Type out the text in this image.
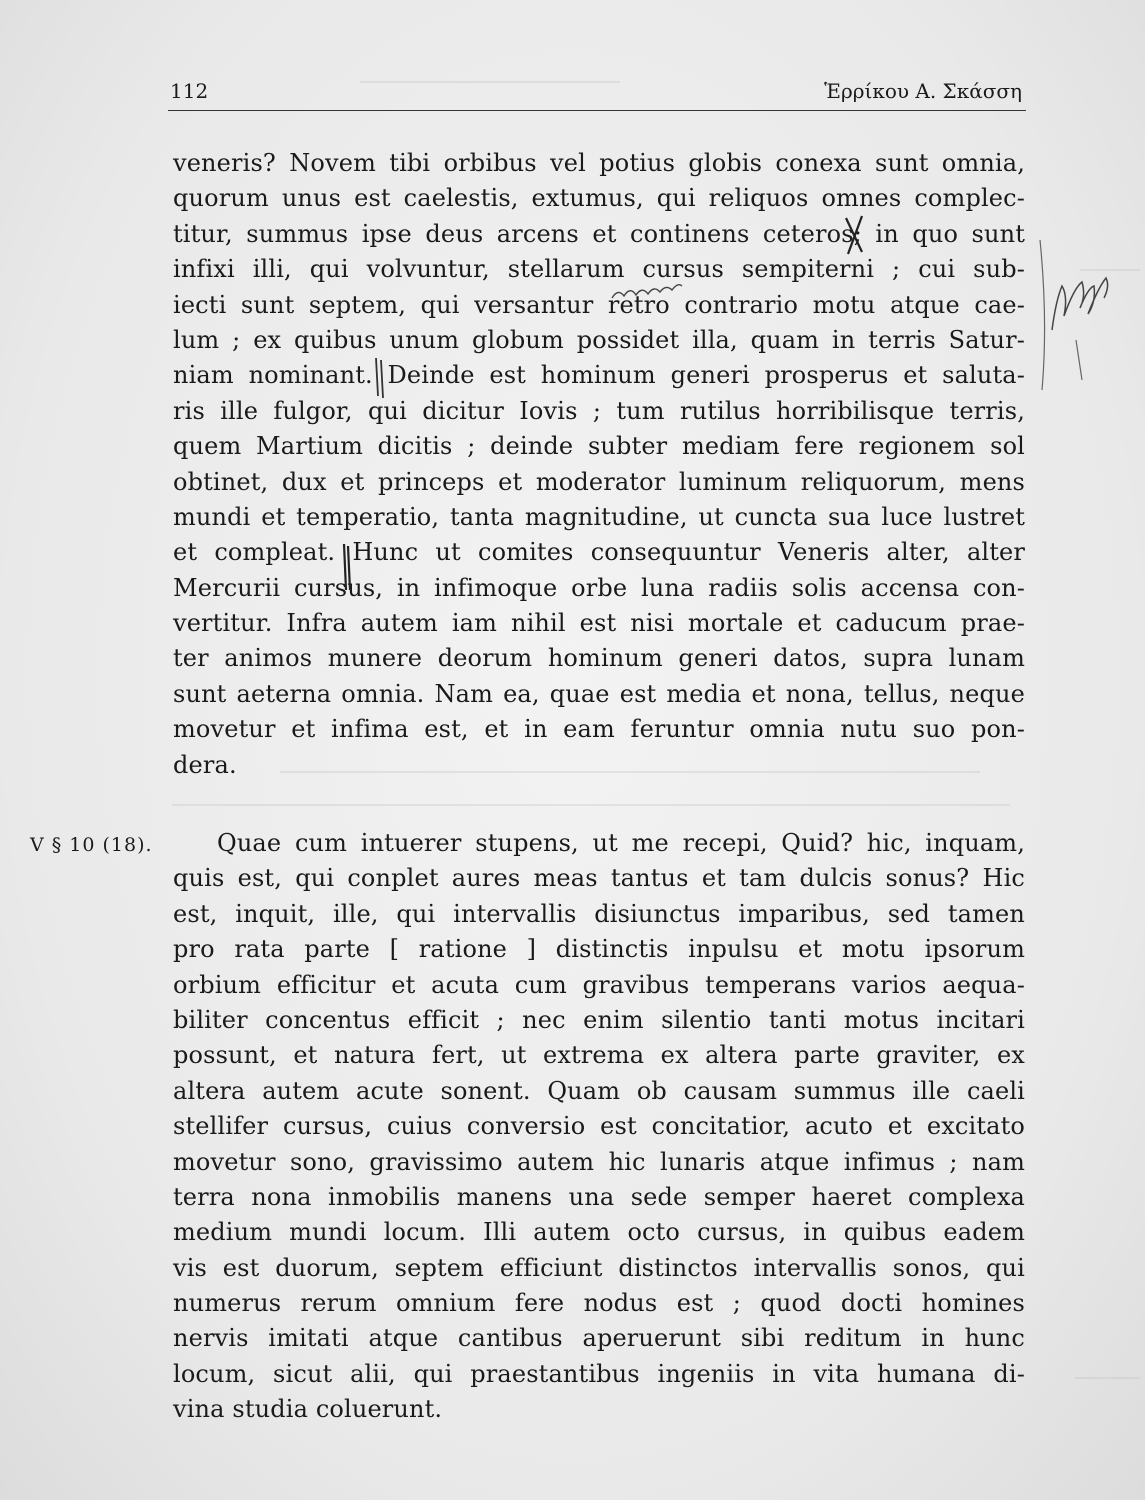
112	Ἑρρίκου Α. Σκάσση
veneris? Novem tibi orbibus vel potius globis conexa sunt omnia,
quorum unus est caelestis, extumus, qui reliquos omnes complec-
titur, summus ipse deus arcens et continens ceteros; in quo sunt
infixi illi, qui volvuntur, stellarum cursus sempiterni ; cui sub-
iecti sunt septem, qui versantur retro contrario motu atque cae-
lum ; ex quibus unum globum possidet illa, quam in terris Satur-
niam nominant. Deinde est hominum generi prosperus et saluta-
ris ille fulgor, qui dicitur Iovis ; tum rutilus horribilisque terris,
quem Martium dicitis ; deinde subter mediam fere regionem sol
obtinet, dux et princeps et moderator luminum reliquorum, mens
mundi et temperatio, tanta magnitudine, ut cuncta sua luce lustret
et compleat. Hunc ut comites consequuntur Veneris alter, alter
Mercurii cursus, in infimoque orbe luna radiis solis accensa con-
vertitur. Infra autem iam nihil est nisi mortale et caducum prae-
ter animos munere deorum hominum generi datos, supra lunam
sunt aeterna omnia. Nam ea, quae est media et nona, tellus, neque
movetur et infima est, et in eam feruntur omnia nutu suo pon-
dera.
V § 10 (18).	Quae cum intuerer stupens, ut me recepi, Quid? hic, inquam,
quis est, qui conplet aures meas tantus et tam dulcis sonus? Hic
est, inquit, ille, qui intervallis disiunctus imparibus, sed tamen
pro rata parte [ ratione ] distinctis inpulsu et motu ipsorum
orbium efficitur et acuta cum gravibus temperans varios aequa-
biliter concentus efficit ; nec enim silentio tanti motus incitari
possunt, et natura fert, ut extrema ex altera parte graviter, ex
altera autem acute sonent. Quam ob causam summus ille caeli
stellifer cursus, cuius conversio est concitatior, acuto et excitato
movetur sono, gravissimo autem hic lunaris atque infimus ; nam
terra nona inmobilis manens una sede semper haeret complexa
medium mundi locum. Illi autem octo cursus, in quibus eadem
vis est duorum, septem efficiunt distinctos intervallis sonos, qui
numerus rerum omnium fere nodus est ; quod docti homines
nervis imitati atque cantibus aperuerunt sibi reditum in hunc
locum, sicut alii, qui praestantibus ingeniis in vita humana di-
vina studia coluerunt.
